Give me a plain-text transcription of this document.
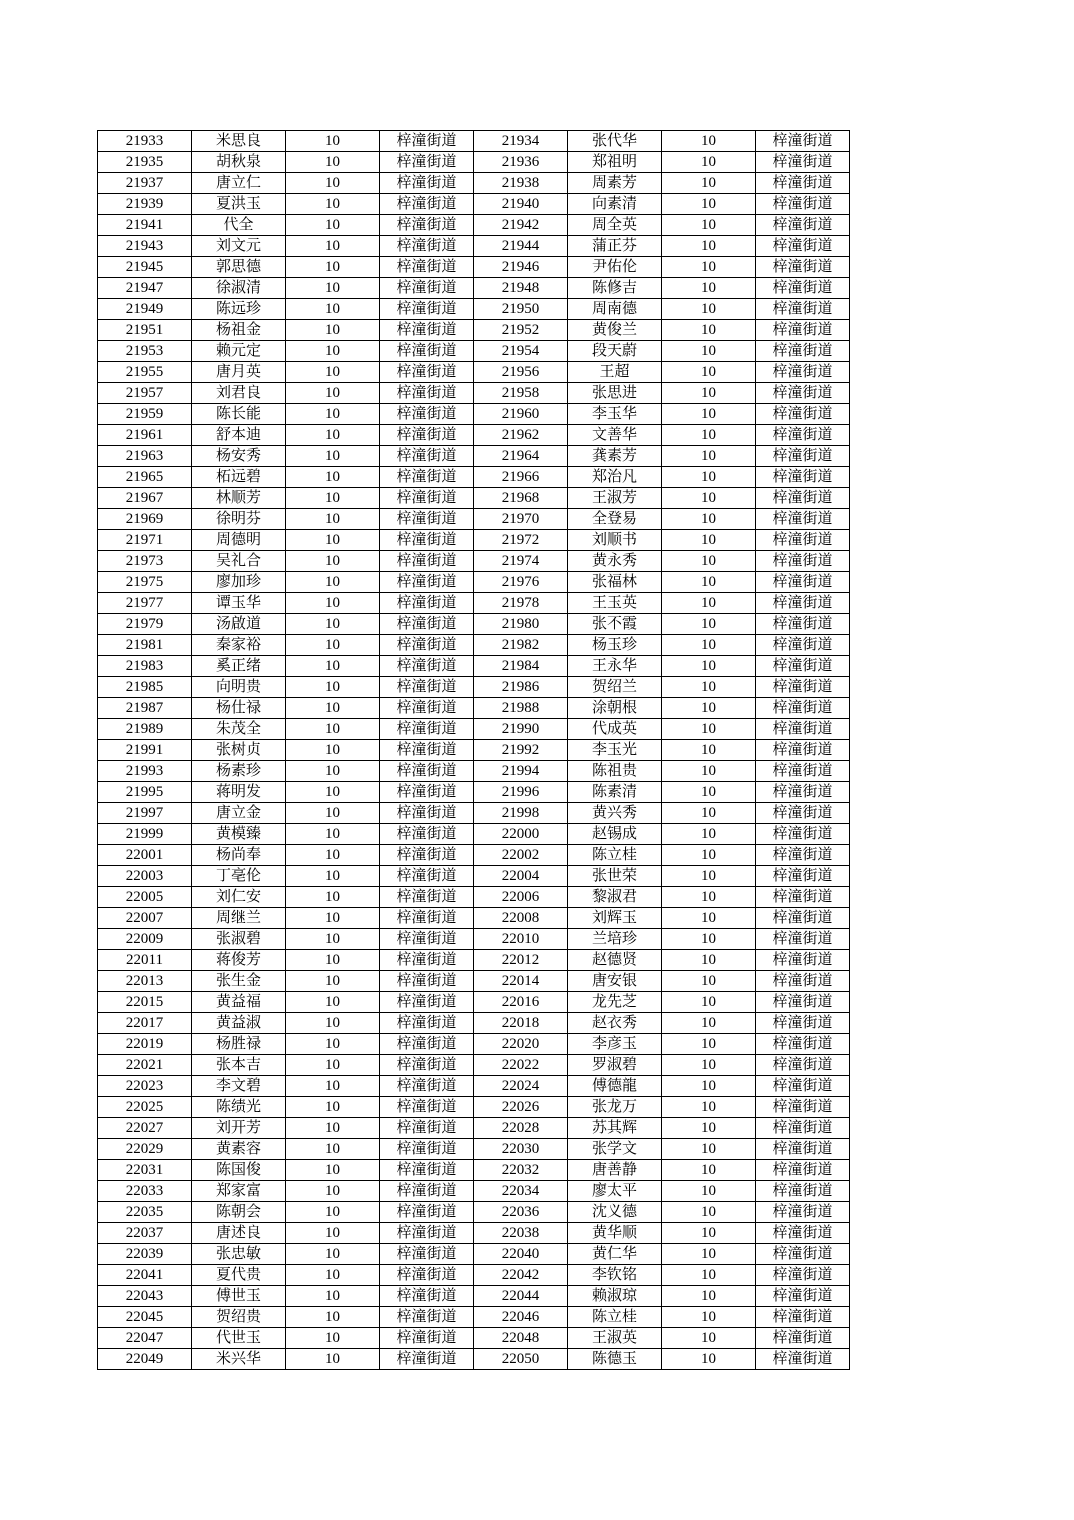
21933	米思良	10	梓潼街道	21934	张代华	10	梓潼街道
21935	胡秋泉	10	梓潼街道	21936	郑祖明	10	梓潼街道
21937	唐立仁	10	梓潼街道	21938	周素芳	10	梓潼街道
21939	夏洪玉	10	梓潼街道	21940	向素清	10	梓潼街道
21941	代全	10	梓潼街道	21942	周全英	10	梓潼街道
21943	刘文元	10	梓潼街道	21944	蒲正芬	10	梓潼街道
21945	郭思德	10	梓潼街道	21946	尹佑伦	10	梓潼街道
21947	徐淑清	10	梓潼街道	21948	陈修吉	10	梓潼街道
21949	陈远珍	10	梓潼街道	21950	周南德	10	梓潼街道
21951	杨祖金	10	梓潼街道	21952	黄俊兰	10	梓潼街道
21953	赖元定	10	梓潼街道	21954	段天蔚	10	梓潼街道
21955	唐月英	10	梓潼街道	21956	王超	10	梓潼街道
21957	刘君良	10	梓潼街道	21958	张思进	10	梓潼街道
21959	陈长能	10	梓潼街道	21960	李玉华	10	梓潼街道
21961	舒本迪	10	梓潼街道	21962	文善华	10	梓潼街道
21963	杨安秀	10	梓潼街道	21964	龚素芳	10	梓潼街道
21965	柘远碧	10	梓潼街道	21966	郑治凡	10	梓潼街道
21967	林顺芳	10	梓潼街道	21968	王淑芳	10	梓潼街道
21969	徐明芬	10	梓潼街道	21970	全登易	10	梓潼街道
21971	周德明	10	梓潼街道	21972	刘顺书	10	梓潼街道
21973	吴礼合	10	梓潼街道	21974	黄永秀	10	梓潼街道
21975	廖加珍	10	梓潼街道	21976	张福林	10	梓潼街道
21977	谭玉华	10	梓潼街道	21978	王玉英	10	梓潼街道
21979	汤啟道	10	梓潼街道	21980	张不霞	10	梓潼街道
21981	秦家裕	10	梓潼街道	21982	杨玉珍	10	梓潼街道
21983	奚正绪	10	梓潼街道	21984	王永华	10	梓潼街道
21985	向明贵	10	梓潼街道	21986	贺绍兰	10	梓潼街道
21987	杨仕禄	10	梓潼街道	21988	涂朝根	10	梓潼街道
21989	朱茂全	10	梓潼街道	21990	代成英	10	梓潼街道
21991	张树贞	10	梓潼街道	21992	李玉光	10	梓潼街道
21993	杨素珍	10	梓潼街道	21994	陈祖贵	10	梓潼街道
21995	蒋明发	10	梓潼街道	21996	陈素清	10	梓潼街道
21997	唐立金	10	梓潼街道	21998	黄兴秀	10	梓潼街道
21999	黄模臻	10	梓潼街道	22000	赵锡成	10	梓潼街道
22001	杨尚奉	10	梓潼街道	22002	陈立桂	10	梓潼街道
22003	丁亳伦	10	梓潼街道	22004	张世荣	10	梓潼街道
22005	刘仁安	10	梓潼街道	22006	黎淑君	10	梓潼街道
22007	周继兰	10	梓潼街道	22008	刘辉玉	10	梓潼街道
22009	张淑碧	10	梓潼街道	22010	兰培珍	10	梓潼街道
22011	蒋俊芳	10	梓潼街道	22012	赵德贤	10	梓潼街道
22013	张生金	10	梓潼街道	22014	唐安银	10	梓潼街道
22015	黄益福	10	梓潼街道	22016	龙先芝	10	梓潼街道
22017	黄益淑	10	梓潼街道	22018	赵衣秀	10	梓潼街道
22019	杨胜禄	10	梓潼街道	22020	李彦玉	10	梓潼街道
22021	张本吉	10	梓潼街道	22022	罗淑碧	10	梓潼街道
22023	李文碧	10	梓潼街道	22024	傅德龍	10	梓潼街道
22025	陈绩光	10	梓潼街道	22026	张龙万	10	梓潼街道
22027	刘开芳	10	梓潼街道	22028	苏其辉	10	梓潼街道
22029	黄素容	10	梓潼街道	22030	张学文	10	梓潼街道
22031	陈国俊	10	梓潼街道	22032	唐善静	10	梓潼街道
22033	郑家富	10	梓潼街道	22034	廖太平	10	梓潼街道
22035	陈朝会	10	梓潼街道	22036	沈义德	10	梓潼街道
22037	唐述良	10	梓潼街道	22038	黄华顺	10	梓潼街道
22039	张忠敏	10	梓潼街道	22040	黄仁华	10	梓潼街道
22041	夏代贵	10	梓潼街道	22042	李钦铭	10	梓潼街道
22043	傅世玉	10	梓潼街道	22044	赖淑琼	10	梓潼街道
22045	贺绍贵	10	梓潼街道	22046	陈立桂	10	梓潼街道
22047	代世玉	10	梓潼街道	22048	王淑英	10	梓潼街道
22049	米兴华	10	梓潼街道	22050	陈德玉	10	梓潼街道
